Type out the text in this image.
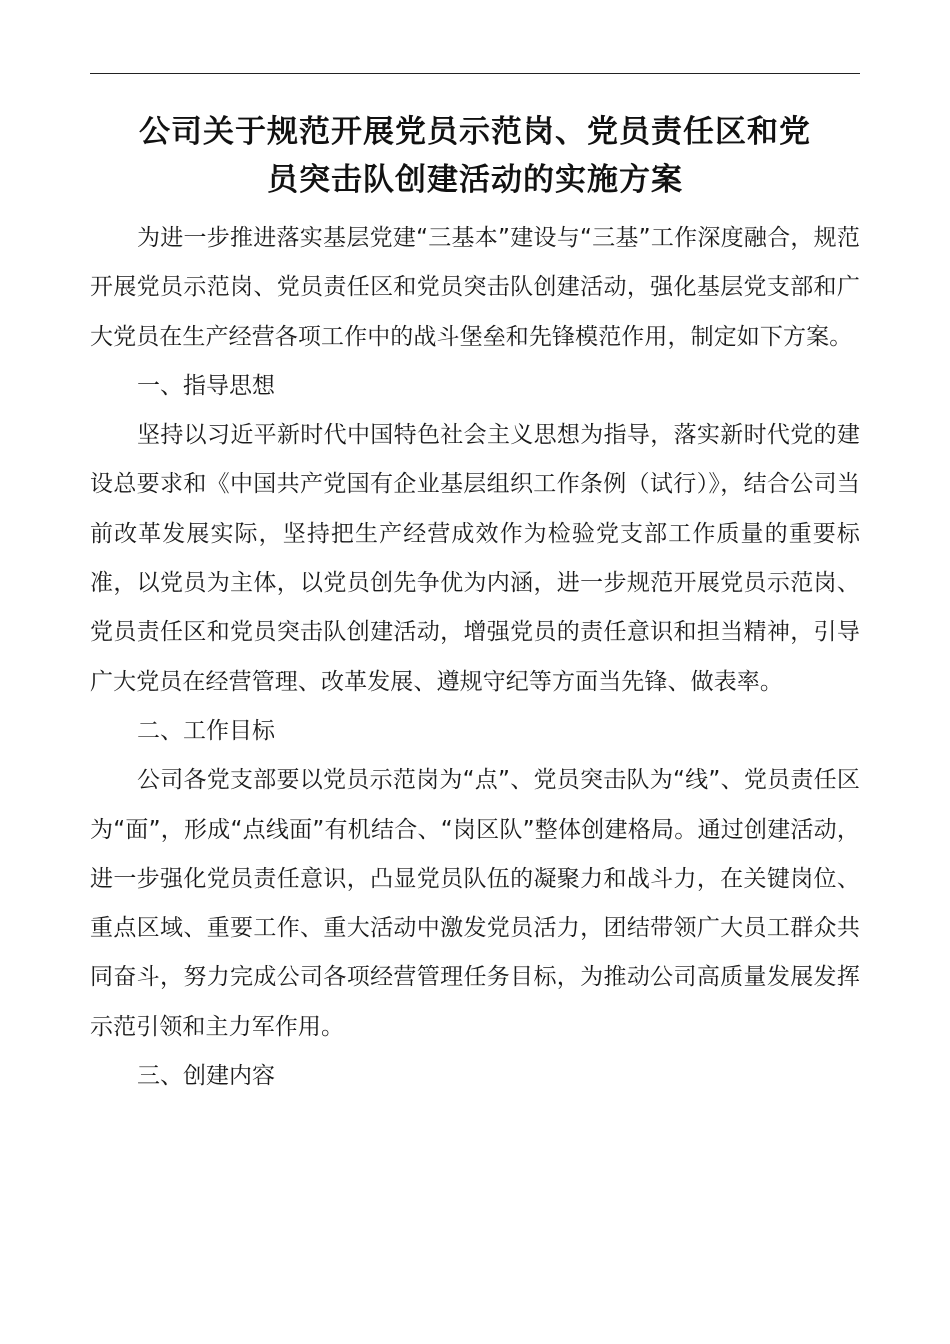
公司关于规范开展党员示范岗、党员责任区和党
员突击队创建活动的实施方案

为进一步推进落实基层党建“三基本”建设与“三基”工作深度融合，规范开展党员示范岗、党员责任区和党员突击队创建活动，强化基层党支部和广大党员在生产经营各项工作中的战斗堡垒和先锋模范作用，制定如下方案。

一、指导思想

坚持以习近平新时代中国特色社会主义思想为指导，落实新时代党的建设总要求和《中国共产党国有企业基层组织工作条例（试行）》，结合公司当前改革发展实际，坚持把生产经营成效作为检验党支部工作质量的重要标准，以党员为主体，以党员创先争优为内涵，进一步规范开展党员示范岗、党员责任区和党员突击队创建活动，增强党员的责任意识和担当精神，引导广大党员在经营管理、改革发展、遵规守纪等方面当先锋、做表率。

二、工作目标

公司各党支部要以党员示范岗为“点”、党员突击队为“线”、党员责任区为“面”，形成“点线面”有机结合、“岗区队”整体创建格局。通过创建活动，进一步强化党员责任意识，凸显党员队伍的凝聚力和战斗力，在关键岗位、重点区域、重要工作、重大活动中激发党员活力，团结带领广大员工群众共同奋斗，努力完成公司各项经营管理任务目标，为推动公司高质量发展发挥示范引领和主力军作用。

三、创建内容
